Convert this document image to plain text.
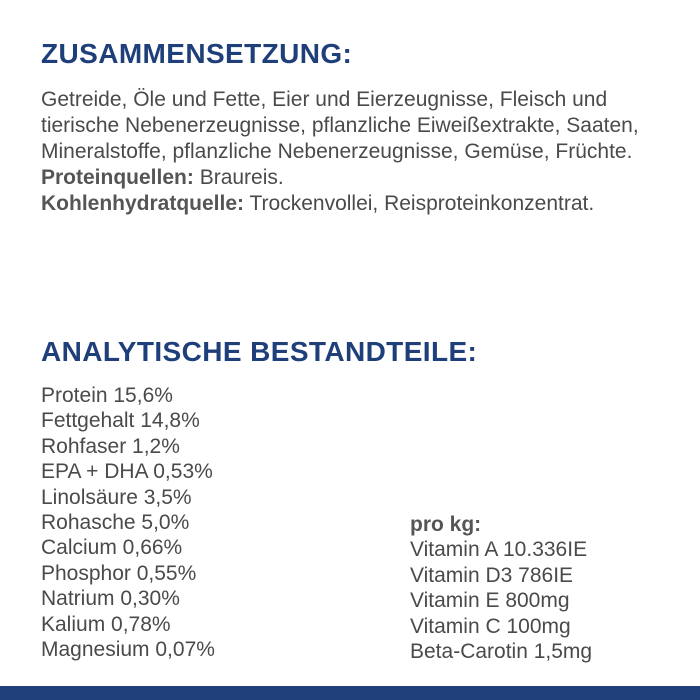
ZUSAMMENSETZUNG:

Getreide, Öle und Fette, Eier und Eierzeugnisse, Fleisch und tierische Nebenerzeugnisse, pflanzliche Eiweißextrakte, Saaten, Mineralstoffe, pflanzliche Nebenerzeugnisse, Gemüse, Früchte.

Proteinquellen: Braureis.

Kohlenhydratquelle: Trockenvollei, Reisproteinkonzentrat.

ANALYTISCHE BESTANDTEILE:
Protein 15,6%
Fettgehalt 14,8%
Rohfaser 1,2%
EPA + DHA 0,53%
Linolsäure 3,5%
Rohasche 5,0%
Calcium 0,66%
Phosphor 0,55%
Natrium 0,30%
Kalium 0,78%
Magnesium 0,07%
pro kg:
Vitamin A 10.336IE
Vitamin D3 786IE
Vitamin E 800mg
Vitamin C 100mg
Beta-Carotin 1,5mg
